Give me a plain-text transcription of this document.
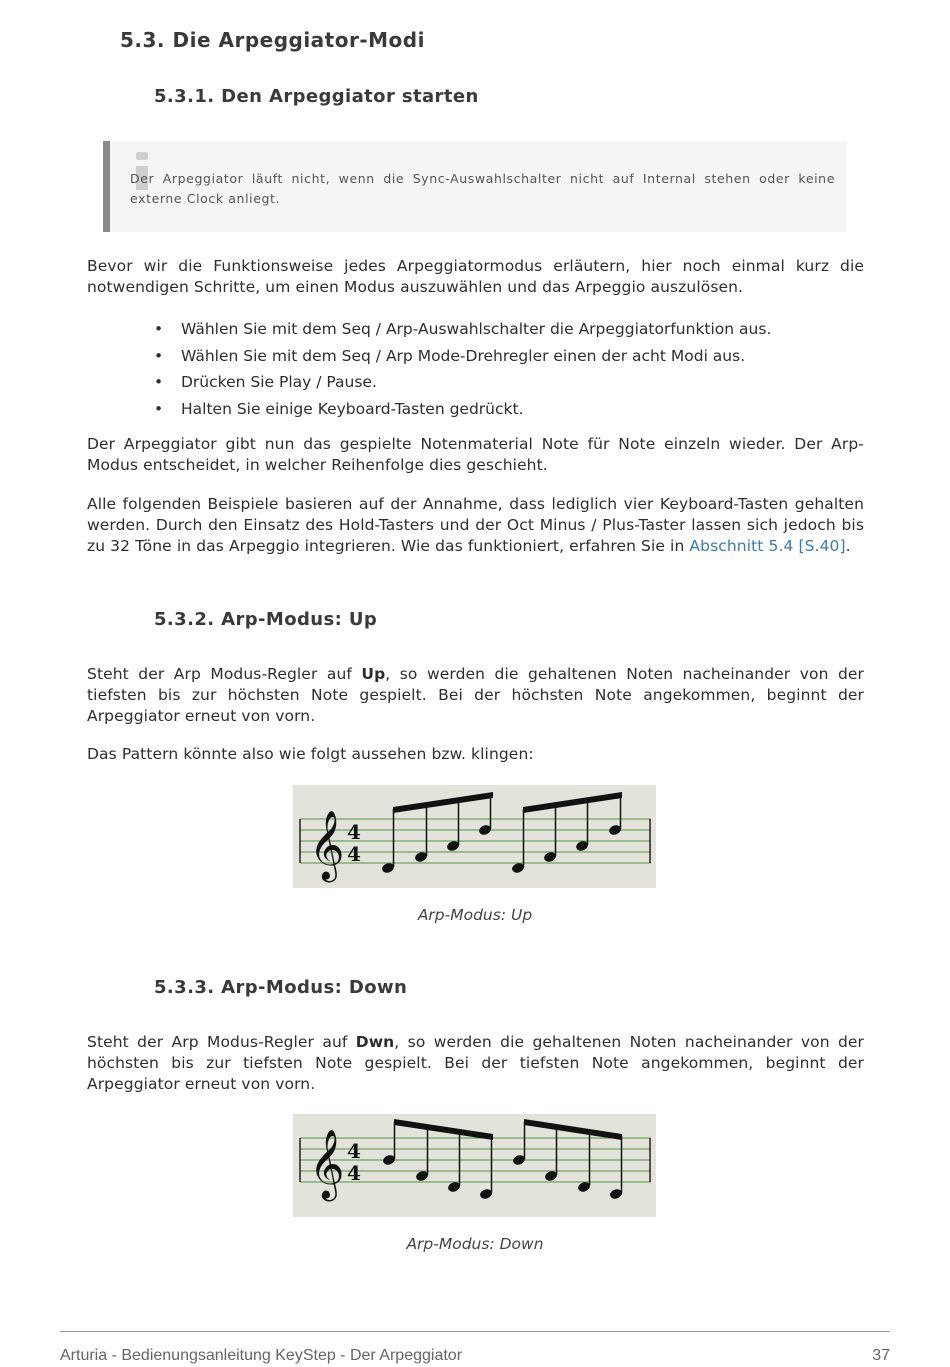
5.3. Die Arpeggiator-Modi
5.3.1. Den Arpeggiator starten
Der Arpeggiator läuft nicht, wenn die Sync-Auswahlschalter nicht auf Internal stehen oder keine externe Clock anliegt.

Bevor wir die Funktionsweise jedes Arpeggiatormodus erläutern, hier noch einmal kurz die notwendigen Schritte, um einen Modus auszuwählen und das Arpeggio auszulösen.

• Wählen Sie mit dem Seq / Arp-Auswahlschalter die Arpeggiatorfunktion aus.
• Wählen Sie mit dem Seq / Arp Mode-Drehregler einen der acht Modi aus.
• Drücken Sie Play / Pause.
• Halten Sie einige Keyboard-Tasten gedrückt.

Der Arpeggiator gibt nun das gespielte Notenmaterial Note für Note einzeln wieder. Der Arp-Modus entscheidet, in welcher Reihenfolge dies geschieht.

Alle folgenden Beispiele basieren auf der Annahme, dass lediglich vier Keyboard-Tasten gehalten werden. Durch den Einsatz des Hold-Tasters und der Oct Minus / Plus-Taster lassen sich jedoch bis zu 32 Töne in das Arpeggio integrieren. Wie das funktioniert, erfahren Sie in Abschnitt 5.4 [S.40].

5.3.2. Arp-Modus: Up

Steht der Arp Modus-Regler auf Up, so werden die gehaltenen Noten nacheinander von der tiefsten bis zur höchsten Note gespielt. Bei der höchsten Note angekommen, beginnt der Arpeggiator erneut von vorn.

Das Pattern könnte also wie folgt aussehen bzw. klingen:

𝄞 4
4
Arp-Modus: Up
5.3.3. Arp-Modus: Down

Steht der Arp Modus-Regler auf Dwn, so werden die gehaltenen Noten nacheinander von der höchsten bis zur tiefsten Note gespielt. Bei der tiefsten Note angekommen, beginnt der Arpeggiator erneut von vorn.

𝄞 4
4
Arp-Modus: Down
Arturia - Bedienungsanleitung KeyStep - Der Arpeggiator	37
